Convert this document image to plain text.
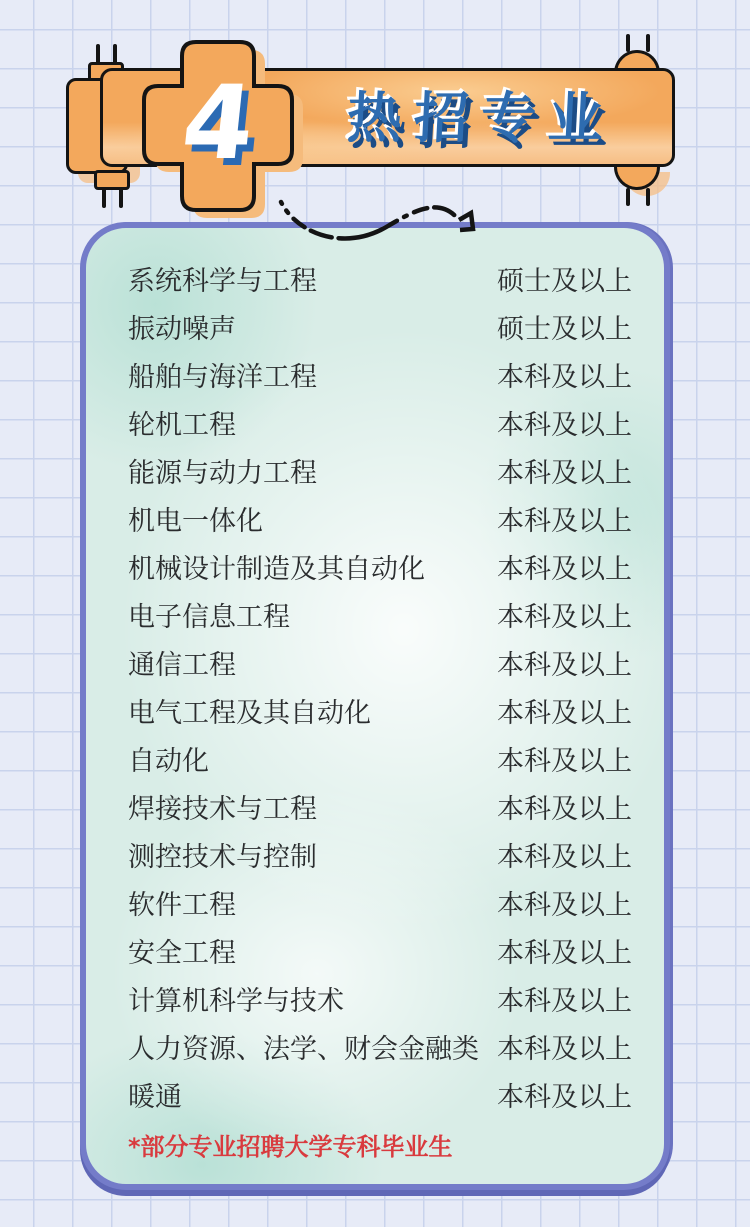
热招专业
4
系统科学与工程	硕士及以上
振动噪声	硕士及以上
船舶与海洋工程	本科及以上
轮机工程	本科及以上
能源与动力工程	本科及以上
机电一体化	本科及以上
机械设计制造及其自动化	本科及以上
电子信息工程	本科及以上
通信工程	本科及以上
电气工程及其自动化	本科及以上
自动化	本科及以上
焊接技术与工程	本科及以上
测控技术与控制	本科及以上
软件工程	本科及以上
安全工程	本科及以上
计算机科学与技术	本科及以上
人力资源、法学、财会金融类 本科及以上
暖通	本科及以上
*部分专业招聘大学专科毕业生
